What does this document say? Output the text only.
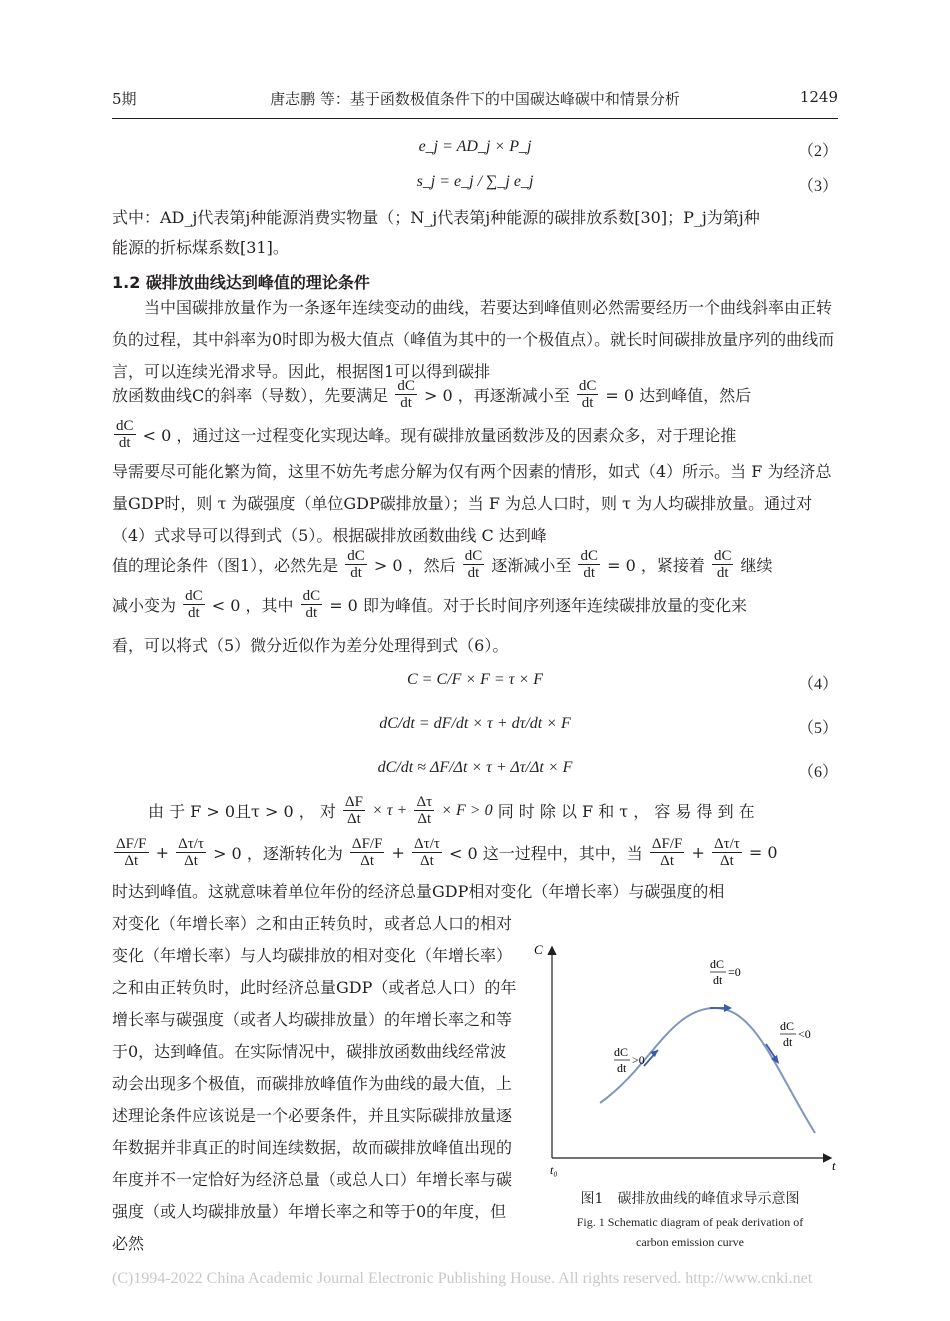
5期	唐志鹏 等：基于函数极值条件下的中国碳达峰碳中和情景分析	1249
e_j = AD_j × P_j	（2）
s_j = e_j / ∑_j e_j	（3）
式中：AD_j代表第j种能源消费实物量（；N_j代表第j种能源的碳排放系数[30]；P_j为第j种
能源的折标煤系数[31]。
1.2 碳排放曲线达到峰值的理论条件
当中国碳排放量作为一条逐年连续变动的曲线，若要达到峰值则必然需要经历一个曲线斜率由正转负的过程，其中斜率为0时即为极大值点（峰值为其中的一个极值点）。就长时间碳排放量序列的曲线而言，可以连续光滑求导。因此，根据图1可以得到碳排
放函数曲线C的斜率（导数），先要满足 $\frac{dC}{dt} > 0$ ，再逐渐减小至 $\frac{dC}{dt} = 0$ 达到峰值，然后
$\frac{dC}{dt} < 0$ ，通过这一过程变化实现达峰。现有碳排放量函数涉及的因素众多，对于理论推
导需要尽可能化繁为简，这里不妨先考虑分解为仅有两个因素的情形，如式（4）所示。当 F 为经济总量GDP时，则 τ 为碳强度（单位GDP碳排放量）；当 F 为总人口时，则 τ 为人均碳排放量。通过对（4）式求导可以得到式（5）。根据碳排放函数曲线 C 达到峰
值的理论条件（图1），必然先是 $\frac{dC}{dt} > 0$ ，然后 $\frac{dC}{dt}$ 逐渐减小至 $\frac{dC}{dt} = 0$ ，紧接着 $\frac{dC}{dt}$ 继续
减小变为 $\frac{dC}{dt} < 0$ ，其中 $\frac{dC}{dt} = 0$ 即为峰值。对于长时间序列逐年连续碳排放量的变化来
看，可以将式（5）微分近似作为差分处理得到式（6）。
C = C/F × F = τ × F	（4）
dC/dt = dF/dt × τ + dτ/dt × F	（5）
dC/dt ≈ ΔF/Δt × τ + Δτ/Δt × F	（6）
由 于 F > 0且τ > 0 ， 对 $\frac{\Delta F}{\Delta t} \times \tau + \frac{\Delta\tau}{\Delta t} \times F > 0$ 同 时 除 以 F 和 τ ， 容 易 得 到 在
$\frac{\Delta F/F}{\Delta t} + \frac{\Delta\tau/\tau}{\Delta t} > 0$ ，逐渐转化为 $\frac{\Delta F/F}{\Delta t} + \frac{\Delta\tau/\tau}{\Delta t} < 0$ 这一过程中，其中，当 $\frac{\Delta F/F}{\Delta t} + \frac{\Delta\tau/\tau}{\Delta t} = 0$
时达到峰值。这就意味着单位年份的经济总量GDP相对变化（年增长率）与碳强度的相
对变化（年增长率）之和由正转负时，或者总人口的相对变化（年增长率）与人均碳排放的相对变化（年增长率）之和由正转负时，此时经济总量GDP（或者总人口）的年增长率与碳强度（或者人均碳排放量）的年增长率之和等于0，达到峰值。在实际情况中，碳排放函数曲线经常波动会出现多个极值，而碳排放峰值作为曲线的最大值，上述理论条件应该说是一个必要条件，并且实际碳排放量逐年数据并非真正的时间连续数据，故而碳排放峰值出现的年度并不一定恰好为经济总量（或总人口）年增长率与碳强度（或人均碳排放量）年增长率之和等于0的年度，但必然
C
t₀	t
dC
dt
=0
dC
dt
>0
dC
dt
<0
图1　碳排放曲线的峰值求导示意图
Fig. 1 Schematic diagram of peak derivation of
carbon emission curve
(C)1994-2022 China Academic Journal Electronic Publishing House. All rights reserved. http://www.cnki.net
